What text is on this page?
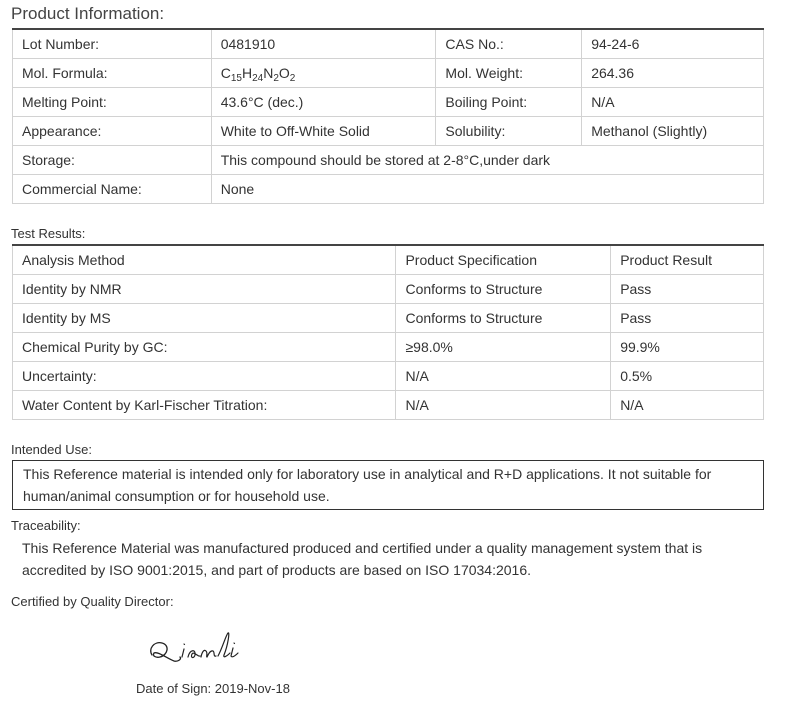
Product Information:
Lot Number:	0481910	CAS No.:	94-24-6
Mol. Formula:	$C_{15}H_{24}N_2O_2$	Mol. Weight:	264.36
Melting Point:	43.6°C (dec.)	Boiling Point:	N/A
Appearance:	White to Off-White Solid	Solubility:	Methanol (Slightly)
Storage:	This compound should be stored at 2-8°C,under dark		
Commercial Name:	None		
Test Results:
Analysis Method	Product Specification	Product Result
Identity by NMR	Conforms to Structure	Pass
Identity by MS	Conforms to Structure	Pass
Chemical Purity by GC:	≥98.0%	99.9%
Uncertainty:	N/A	0.5%
Water Content by Karl-Fischer Titration:	N/A	N/A
Intended Use:
This Reference material is intended only for laboratory use in analytical and R+D applications. It not suitable for human/animal consumption or for household use.
Traceability:
This Reference Material was manufactured produced and certified under a quality management system that is accredited by ISO 9001:2015, and part of products are based on ISO 17034:2016.
Certified by Quality Director:
Date of Sign: 2019-Nov-18
